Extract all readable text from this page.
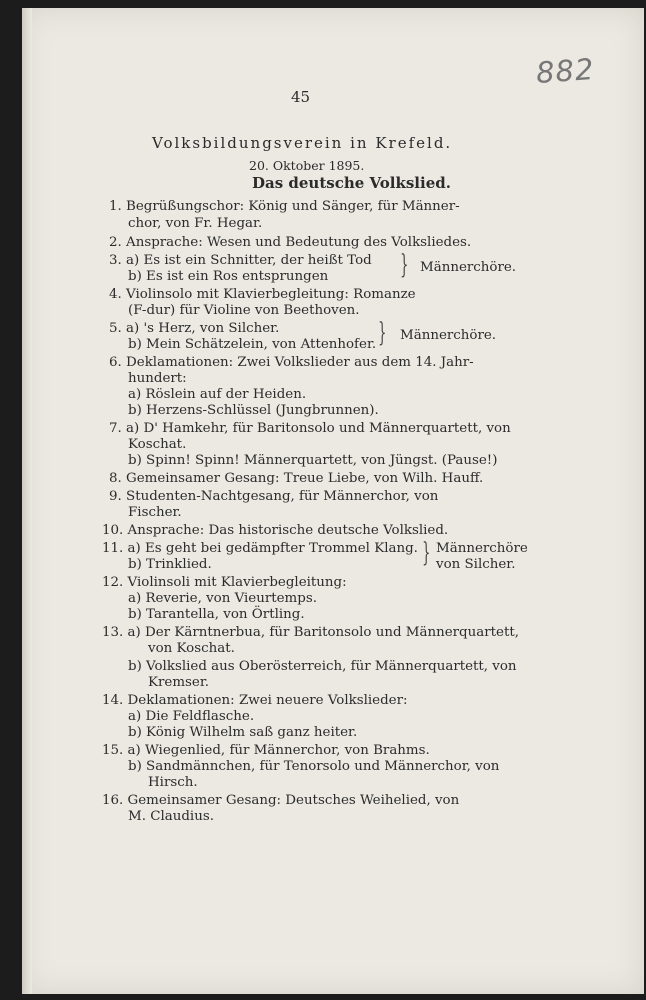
882
45
Volksbildungsverein in Krefeld.
20. Oktober 1895.
Das deutsche Volkslied.
1. Begrüßungschor: König und Sänger, für Männer-
chor, von Fr. Hegar.
2. Ansprache: Wesen und Bedeutung des Volksliedes.
3. a) Es ist ein Schnitter, der heißt Tod
b) Es ist ein Ros entsprungen	} Männerchöre.
4. Violinsolo mit Klavierbegleitung: Romanze
(F-dur) für Violine von Beethoven.
5. a) 's Herz, von Silcher.
b) Mein Schätzelein, von Attenhofer. } Männerchöre.
6. Deklamationen: Zwei Volkslieder aus dem 14. Jahr-
hundert:
a) Röslein auf der Heiden.
b) Herzens-Schlüssel (Jungbrunnen).
7. a) D' Hamkehr, für Baritonsolo und Männerquartett, von
Koschat.
b) Spinn! Spinn! Männerquartett, von Jüngst. (Pause!)
8. Gemeinsamer Gesang: Treue Liebe, von Wilh. Hauff.
9. Studenten-Nachtgesang, für Männerchor, von
Fischer.
10. Ansprache: Das historische deutsche Volkslied.
11. a) Es geht bei gedämpfter Trommel Klang.
b) Trinklied.	} Männerchöre
von Silcher.
12. Violinsoli mit Klavierbegleitung:
a) Reverie, von Vieurtemps.
b) Tarantella, von Örtling.
13. a) Der Kärntnerbua, für Baritonsolo und Männerquartett,
von Koschat.
b) Volkslied aus Oberösterreich, für Männerquartett, von
Kremser.
14. Deklamationen: Zwei neuere Volkslieder:
a) Die Feldflasche.
b) König Wilhelm saß ganz heiter.
15. a) Wiegenlied, für Männerchor, von Brahms.
b) Sandmännchen, für Tenorsolo und Männerchor, von
Hirsch.
16. Gemeinsamer Gesang: Deutsches Weihelied, von
M. Claudius.
